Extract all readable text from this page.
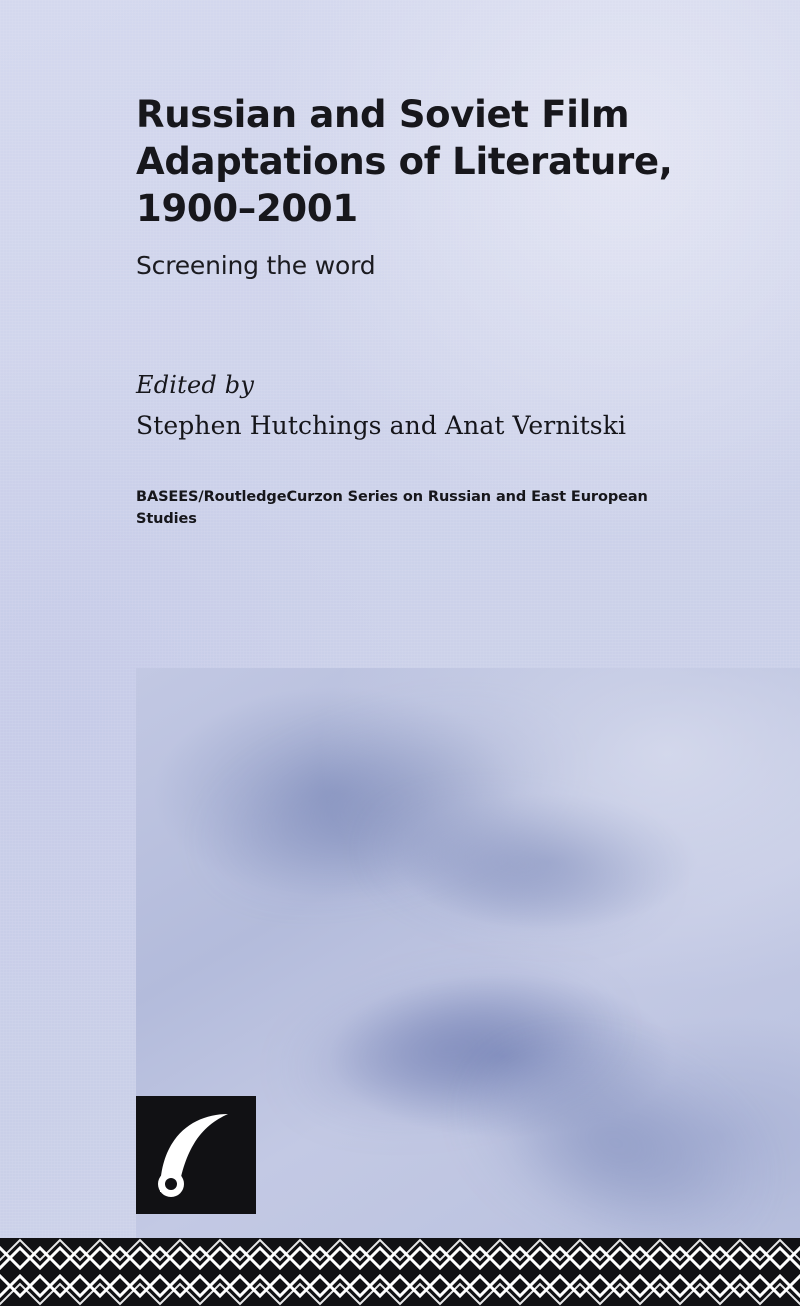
Russian and Soviet Film Adaptations of Literature, 1900–2001
Screening the word
Edited by
Stephen Hutchings and Anat Vernitski
BASEES/RoutledgeCurzon Series on Russian and East European Studies
